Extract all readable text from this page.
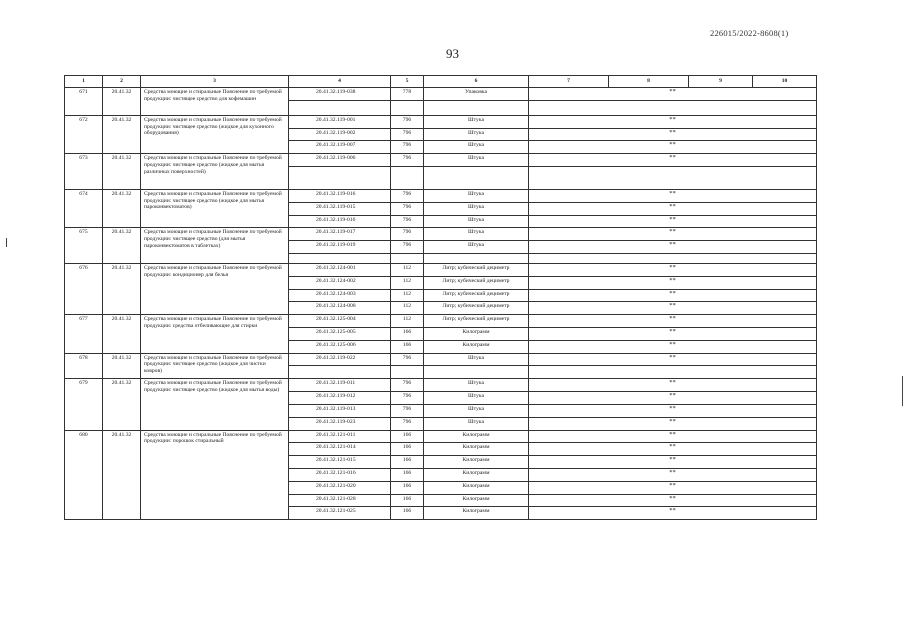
226015/2022-8608(1)
93
1	2	3	4	5	6	7	8	9	10
671	20.41.32	Средства моющие и стиральные Пояснение по требуемой продукции: чистящее средство для кофемашин	20.41.32.119-038	778	Упаковка	**			

672	20.41.32	Средства моющие и стиральные Пояснение по требуемой продукции: чистящее средство (жидкое для кухонного оборудования)	20.41.32.119-001	796	Штука	**			
			20.41.32.119-002	796	Штука	**			
			20.41.32.119-007	796	Штука	**			
673	20.41.32	Средства моющие и стиральные Пояснение по требуемой продукции: чистящее средство (жидкое для мытья различных поверхностей)	20.41.32.119-006	796	Штука	**			

674	20.41.32	Средства моющие и стиральные Пояснение по требуемой продукции: чистящее средство (жидкое для мытья пароконвектоматов)	20.41.32.119-016	796	Штука	**			
			20.41.32.119-015	796	Штука	**			
			20.41.32.119-016	796	Штука	**			
675	20.41.32	Средства моющие и стиральные Пояснение по требуемой продукции: чистящее средство (для мытья пароконвектоматов в таблетках)	20.41.32.119-017	796	Штука	**			
			20.41.32.119-019	796	Штука	**			

676	20.41.32	Средства моющие и стиральные Пояснение по требуемой продукции: кондиционер для белья	20.41.32.124-001	112	Литр; кубический дециметр	**			
			20.41.32.124-002	112	Литр; кубический дециметр	**			
			20.41.32.124-003	112	Литр; кубический дециметр	**			
			20.41.32.124-008	112	Литр; кубический дециметр	**			
677	20.41.32	Средства моющие и стиральные Пояснение по требуемой продукции: средства отбеливающие для стирки	20.41.32.125-004	112	Литр; кубический дециметр	**			
			20.41.32.125-005	166	Килограмм	**			
			20.41.32.125-006	166	Килограмм	**			
678	20.41.32	Средства моющие и стиральные Пояснение по требуемой продукции: чистящее средство (жидкое для чистки ковров)	20.41.32.119-022	796	Штука	**			

679	20.41.32	Средства моющие и стиральные Пояснение по требуемой продукции: чистящее средство (жидкое для мытья воды)	20.41.32.119-011	796	Штука	**			
			20.41.32.119-012	796	Штука	**			
			20.41.32.119-013	796	Штука	**			
			20.41.32.119-023	796	Штука	**			
680	20.41.32	Средства моющие и стиральные Пояснение по требуемой продукции: порошок стиральный	20.41.32.121-011	166	Килограмм	**			
			20.41.32.121-014	166	Килограмм	**			
			20.41.32.121-015	166	Килограмм	**			
			20.41.32.121-016	166	Килограмм	**			
			20.41.32.121-020	166	Килограмм	**			
			20.41.32.121-028	166	Килограмм	**			
			20.41.32.121-025	166	Килограмм	**			
